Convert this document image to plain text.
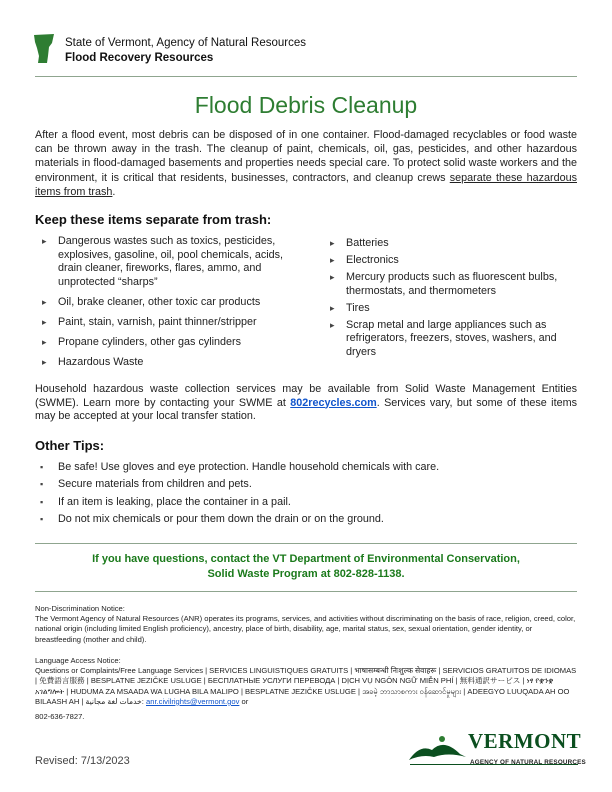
State of Vermont, Agency of Natural Resources
Flood Recovery Resources
Flood Debris Cleanup
After a flood event, most debris can be disposed of in one container. Flood-damaged recyclables or food waste can be thrown away in the trash. The cleanup of paint, chemicals, oil, gas, pesticides, and other hazardous materials in flood-damaged basements and properties needs special care. To protect solid waste workers and the environment, it is critical that residents, businesses, contractors, and cleanup crews separate these hazardous items from trash.
Keep these items separate from trash:
▸ Dangerous wastes such as toxics, pesticides, explosives, gasoline, oil, pool chemicals, acids, drain cleaner, fireworks, flares, ammo, and unprotected “sharps”
▸ Oil, brake cleaner, other toxic car products
▸ Paint, stain, varnish, paint thinner/stripper
▸ Propane cylinders, other gas cylinders
▸ Hazardous Waste
▸ Batteries
▸ Electronics
▸ Mercury products such as fluorescent bulbs, thermostats, and thermometers
▸ Tires
▸ Scrap metal and large appliances such as refrigerators, freezers, stoves, washers, and dryers
Household hazardous waste collection services may be available from Solid Waste Management Entities (SWME). Learn more by contacting your SWME at 802recycles.com. Services vary, but some of these items may be accepted at your local transfer station.
Other Tips:
▪ Be safe! Use gloves and eye protection. Handle household chemicals with care.
▪ Secure materials from children and pets.
▪ If an item is leaking, place the container in a pail.
▪ Do not mix chemicals or pour them down the drain or on the ground.
If you have questions, contact the VT Department of Environmental Conservation,
Solid Waste Program at 802-828-1138.
Non-Discrimination Notice:
The Vermont Agency of Natural Resources (ANR) operates its programs, services, and activities without discriminating on the basis of race, religion, creed, color, national origin (including limited English proficiency), ancestry, place of birth, disability, age, marital status, sex, sexual orientation, gender identity, or breastfeeding (mother and child).
Language Access Notice:
Questions or Complaints/Free Language Services | SERVICES LINGUISTIQUES GRATUITS | भाषासम्बन्धी निःशुल्क सेवाहरू | SERVICIOS GRATUITOS DE IDIOMAS | 免費語言服務 | BESPLATNE JEZIČKE USLUGE | БЕСПЛАТНЫЕ УСЛУГИ ПЕРЕВОДА | DỊCH VỤ NGÔN NGỮ MIỄN PHÍ | 無料通訳サービス | ነፃ የቋንቋ አገልግሎት | HUDUMA ZA MSAADA WA LUGHA BILA MALIPO | BESPLATNE JEZIČKE USLUGE | အခမဲ့ ဘာသာစကား ဝန်ဆောင်မှုများ | ADEEGYO LUUQADA AH OO BILAASH AH | خدمات لغة مجانية: anr.civilrights@vermont.gov or
802-636-7827.
Revised: 7/13/2023
VERMONT
AGENCY OF NATURAL RESOURCES
